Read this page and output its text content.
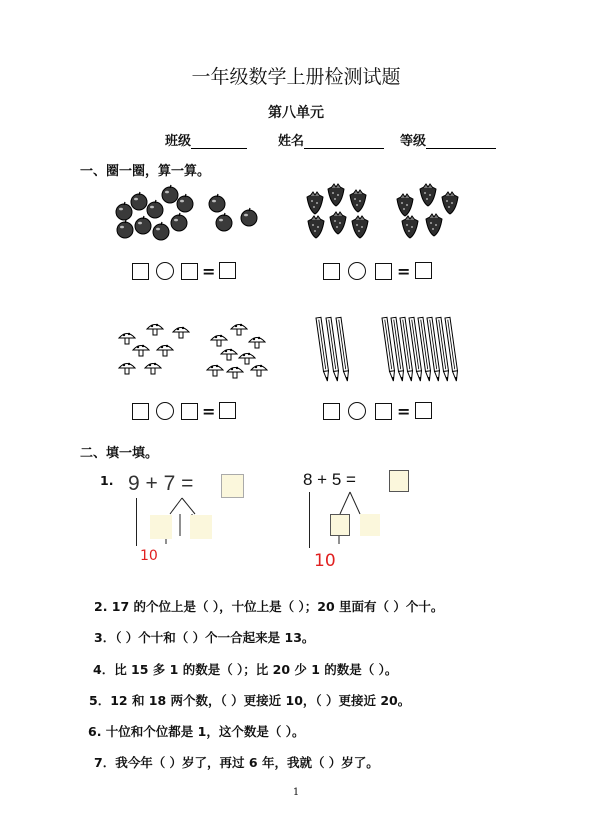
一年级数学上册检测试题
第八单元
班级	姓名	等级
一、圈一圈，算一算。
=	=
=	=
二、填一填。
1. 9 + 7 =
10
8 + 5 =
10
2. 17 的个位上是（ ），十位上是（ ）；20 里面有（ ）个十。
3．（ ）个十和（ ）个一合起来是 13。
4．比 15 多 1 的数是（ ）；比 20 少 1 的数是（ ）。
5．12 和 18 两个数，（ ）更接近 10，（ ）更接近 20。
6. 十位和个位都是 1，这个数是（ ）。
7．我今年（ ）岁了，再过 6 年，我就（ ）岁了。
1
